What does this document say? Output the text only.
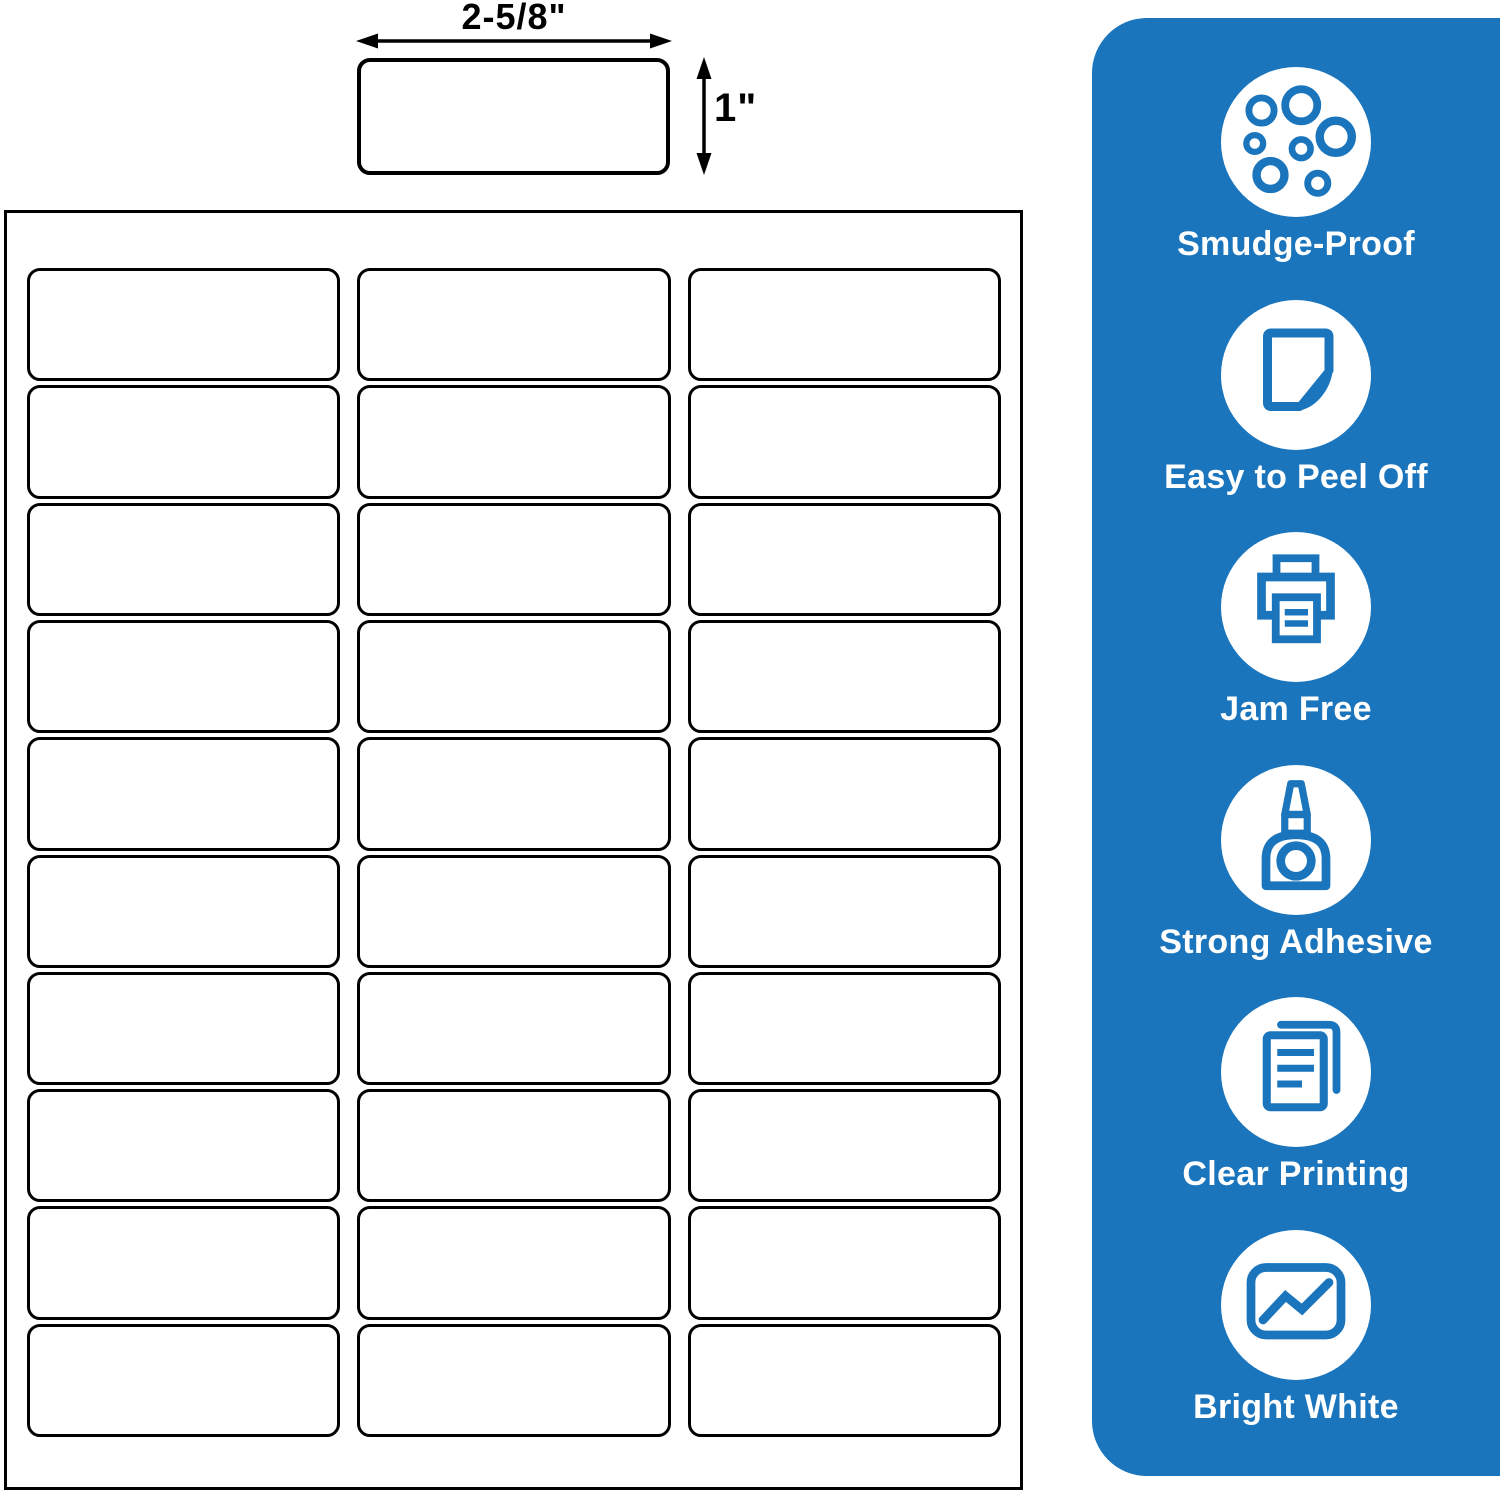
2-5/8"
1"
Smudge-Proof
Easy to Peel Off
Jam Free
Strong Adhesive
Clear Printing
Bright White
